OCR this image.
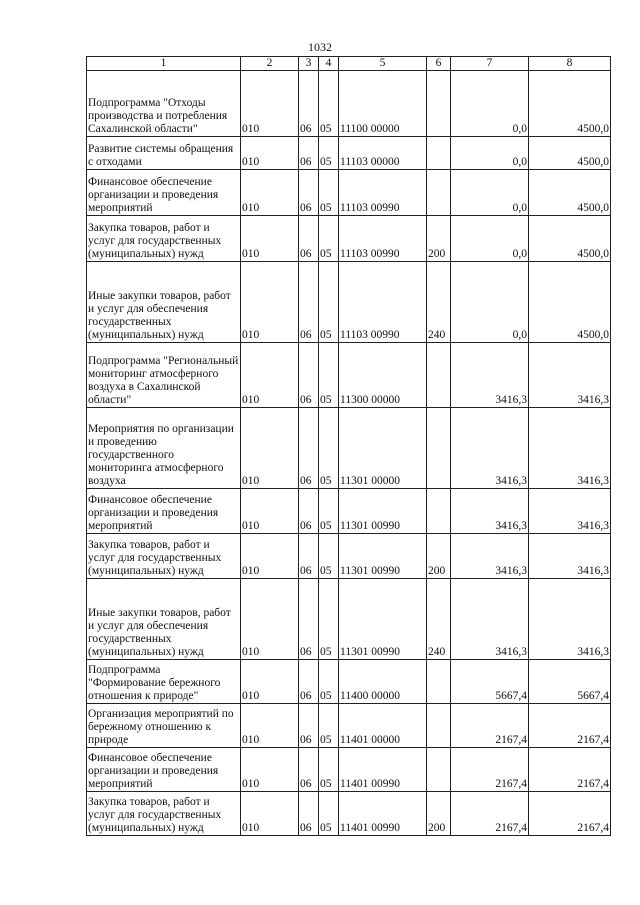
1032
1	2	3	4	5	6	7	8
Подпрограмма "Отходы производства и потребления Сахалинской области"	010	06	05	11100 00000		0,0	4500,0
Развитие системы обращения с отходами	010	06	05	11103 00000		0,0	4500,0
Финансовое обеспечение организации и проведения мероприятий	010	06	05	11103 00990		0,0	4500,0
Закупка товаров, работ и услуг для государственных (муниципальных) нужд	010	06	05	11103 00990	200	0,0	4500,0
Иные закупки товаров, работ и услуг для обеспечения государственных (муниципальных) нужд	010	06	05	11103 00990	240	0,0	4500,0
Подпрограмма "Региональный мониторинг атмосферного воздуха в Сахалинской области"	010	06	05	11300 00000		3416,3	3416,3
Мероприятия по организации и проведению государственного мониторинга атмосферного воздуха	010	06	05	11301 00000		3416,3	3416,3
Финансовое обеспечение организации и проведения мероприятий	010	06	05	11301 00990		3416,3	3416,3
Закупка товаров, работ и услуг для государственных (муниципальных) нужд	010	06	05	11301 00990	200	3416,3	3416,3
Иные закупки товаров, работ и услуг для обеспечения государственных (муниципальных) нужд	010	06	05	11301 00990	240	3416,3	3416,3
Подпрограмма "Формирование бережного отношения к природе"	010	06	05	11400 00000		5667,4	5667,4
Организация мероприятий по бережному отношению к природе	010	06	05	11401 00000		2167,4	2167,4
Финансовое обеспечение организации и проведения мероприятий	010	06	05	11401 00990		2167,4	2167,4
Закупка товаров, работ и услуг для государственных (муниципальных) нужд	010	06	05	11401 00990	200	2167,4	2167,4
